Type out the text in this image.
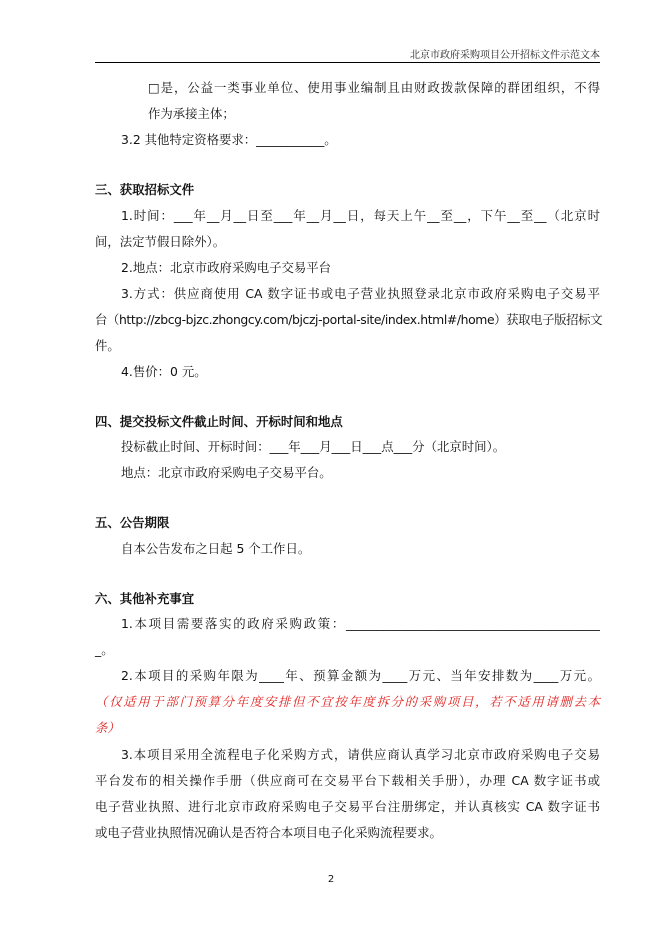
北京市政府采购项目公开招标文件示范文本
□是，公益一类事业单位、使用事业编制且由财政拨款保障的群团组织，不得
作为承接主体；
3.2 其他特定资格要求：___________。
三、获取招标文件
1.时间：___年__月__日至___年__月__日，每天上午__至__，下午__至__（北京时
间，法定节假日除外）。
2.地点：北京市政府采购电子交易平台
3.方式：供应商使用 CA 数字证书或电子营业执照登录北京市政府采购电子交易平
台（http://zbcg-bjzc.zhongcy.com/bjczj-portal-site/index.html#/home）获取电子版招标文
件。
4.售价：0 元。
四、提交投标文件截止时间、开标时间和地点
投标截止时间、开标时间：___年___月___日___点___分（北京时间）。
地点：北京市政府采购电子交易平台。
五、公告期限
自本公告发布之日起 5 个工作日。
六、其他补充事宜
1.本项目需要落实的政府采购政策：_________________________________________
_。
2.本项目的采购年限为____年、预算金额为____万元、当年安排数为____万元。
（仅适用于部门预算分年度安排但不宜按年度拆分的采购项目，若不适用请删去本
条）
3.本项目采用全流程电子化采购方式，请供应商认真学习北京市政府采购电子交易
平台发布的相关操作手册（供应商可在交易平台下载相关手册），办理 CA 数字证书或
电子营业执照、进行北京市政府采购电子交易平台注册绑定，并认真核实 CA 数字证书
或电子营业执照情况确认是否符合本项目电子化采购流程要求。
2
